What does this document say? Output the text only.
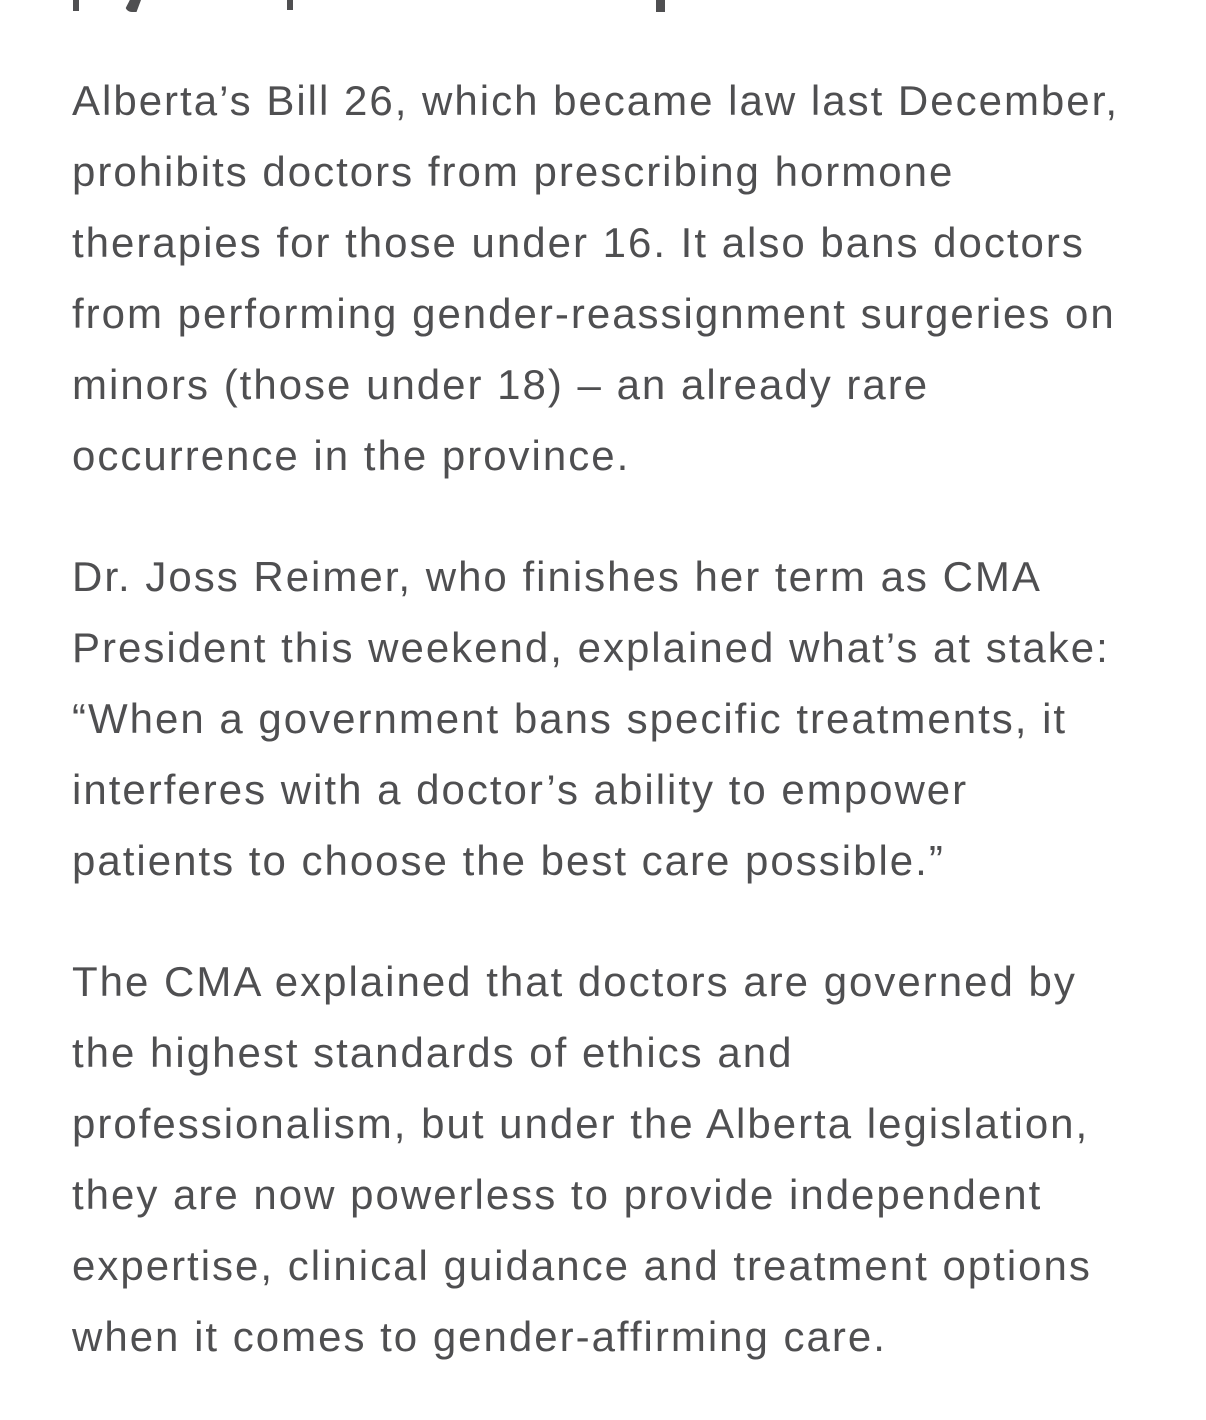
Alberta’s Bill 26, which became law last December,
prohibits doctors from prescribing hormone
therapies for those under 16. It also bans doctors
from performing gender-reassignment surgeries on
minors (those under 18) – an already rare
occurrence in the province.

Dr. Joss Reimer, who finishes her term as CMA
President this weekend, explained what’s at stake:
“When a government bans specific treatments, it
interferes with a doctor’s ability to empower
patients to choose the best care possible.”

The CMA explained that doctors are governed by
the highest standards of ethics and
professionalism, but under the Alberta legislation,
they are now powerless to provide independent
expertise, clinical guidance and treatment options
when it comes to gender-affirming care.
